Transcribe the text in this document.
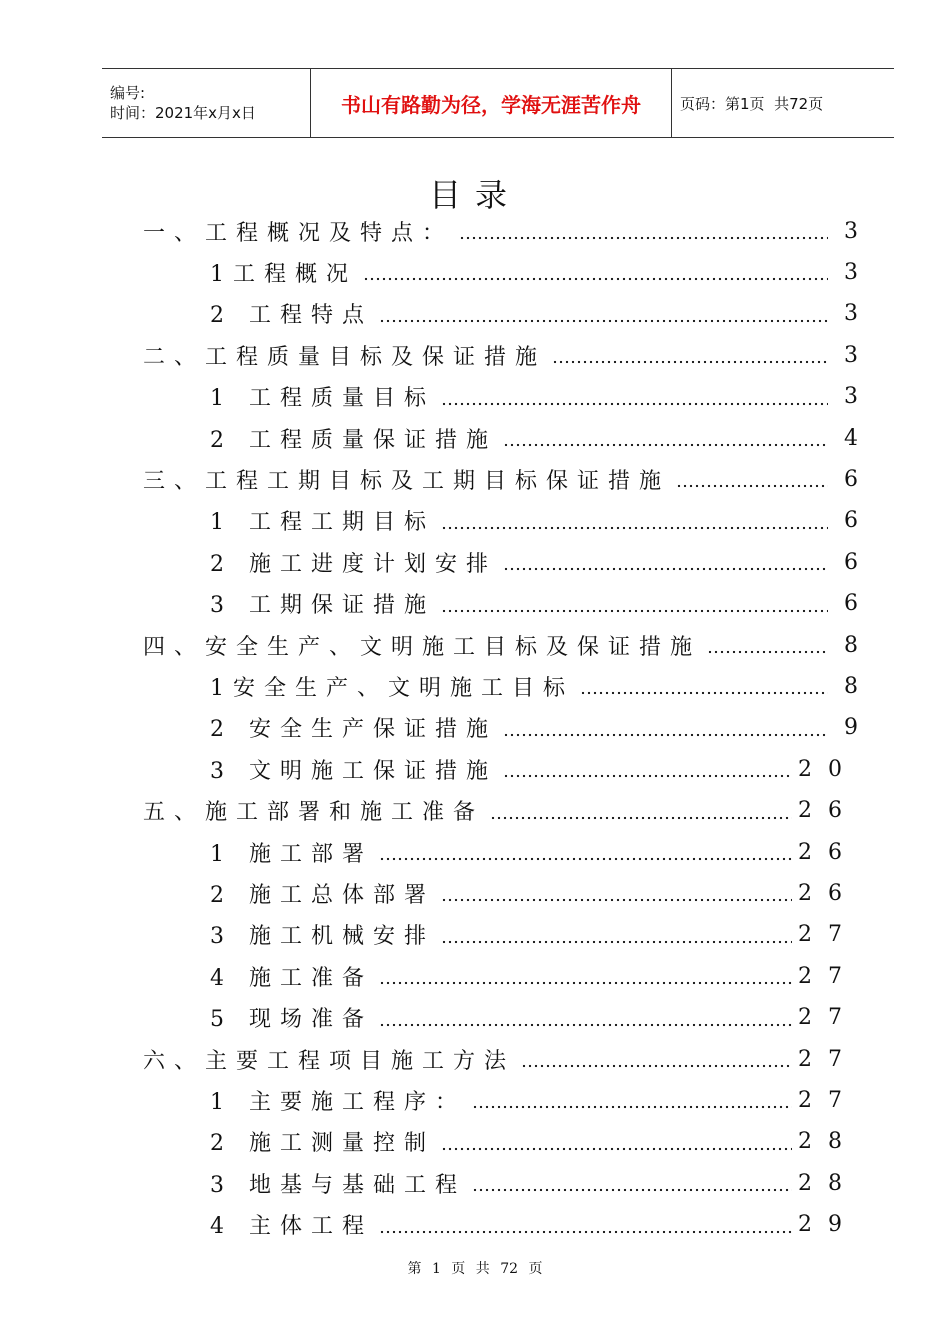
编号:
时间：2021年x月x日	书山有路勤为径，学海无涯苦作舟	页码：第1页  共72页
目录
一、工程概况及特点：	3
1工程概况	3
2 工程特点	3
二、工程质量目标及保证措施	3
1 工程质量目标	3
2 工程质量保证措施	4
三、工程工期目标及工期目标保证措施	6
1 工程工期目标	6
2 施工进度计划安排	6
3 工期保证措施	6
四、安全生产、文明施工目标及保证措施	8
1安全生产、文明施工目标	8
2 安全生产保证措施	9
3 文明施工保证措施	20
五、施工部署和施工准备	26
1 施工部署	26
2 施工总体部署	26
3 施工机械安排	27
4 施工准备	27
5 现场准备	27
六、主要工程项目施工方法	27
1 主要施工程序：	27
2 施工测量控制	28
3 地基与基础工程	28
4 主体工程	29
第 1 页 共 72 页
